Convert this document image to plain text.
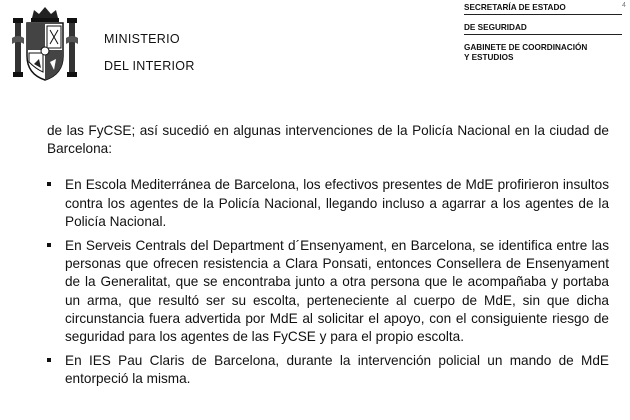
MINISTERIO
DEL INTERIOR
SECRETARÍA DE ESTADO
DE SEGURIDAD
GABINETE DE COORDINACIÓN
Y ESTUDIOS
4

de las FyCSE; así sucedió en algunas intervenciones de la Policía Nacional en la ciudad de Barcelona:

En Escola Mediterránea de Barcelona, los efectivos presentes de MdE profirieron insultos contra los agentes de la Policía Nacional, llegando incluso a agarrar a los agentes de la Policía Nacional.
En Serveis Centrals del Department d´Ensenyament, en Barcelona, se identifica entre las personas que ofrecen resistencia a Clara Ponsati, entonces Consellera de Ensenyament de la Generalitat, que se encontraba junto a otra persona que le acompañaba y portaba un arma, que resultó ser su escolta, perteneciente al cuerpo de MdE, sin que dicha circunstancia fuera advertida por MdE al solicitar el apoyo, con el consiguiente riesgo de seguridad para los agentes de las FyCSE y para el propio escolta.
En IES Pau Claris de Barcelona, durante la intervención policial un mando de MdE entorpeció la misma.
